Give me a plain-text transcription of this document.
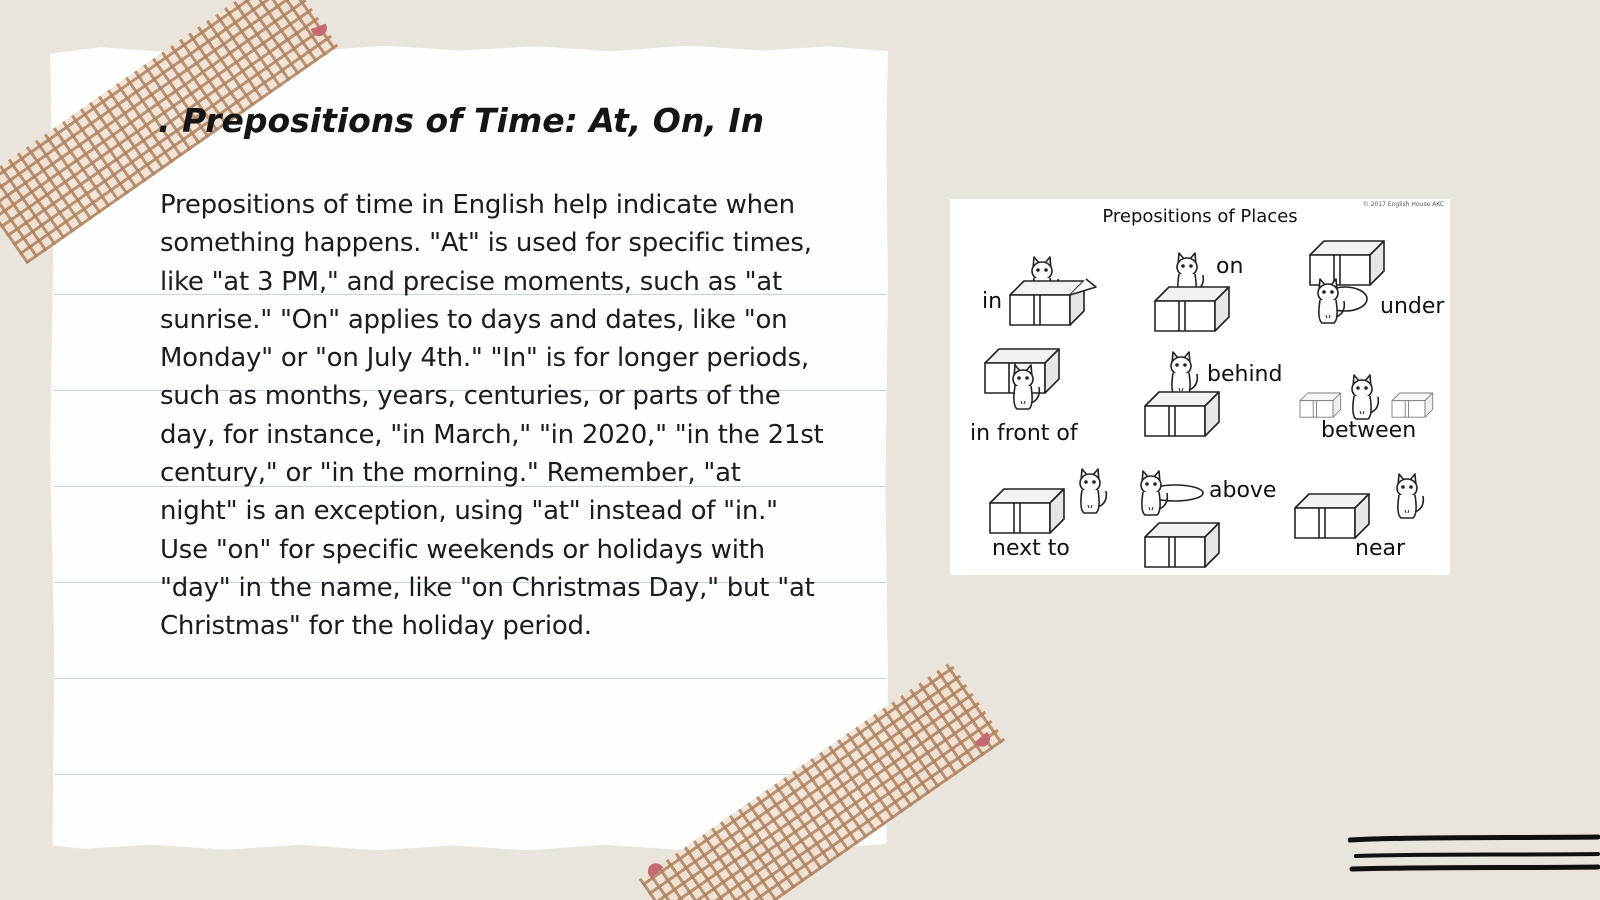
. Prepositions of Time: At, On, In

Prepositions of time in English help indicate when something happens. "At" is used for specific times, like "at 3 PM," and precise moments, such as "at sunrise." "On" applies to days and dates, like "on Monday" or "on July 4th." "In" is for longer periods, such as months, years, centuries, or parts of the day, for instance, "in March," "in 2020," "in the 21st century," or "in the morning." Remember, "at night" is an exception, using "at" instead of "in." Use "on" for specific weekends or holidays with "day" in the name, like "on Christmas Day," but "at Christmas" for the holiday period.

© 2017 English House AKC
Prepositions of Places
in
on
under
in front of
behind
between
next to
above
near
